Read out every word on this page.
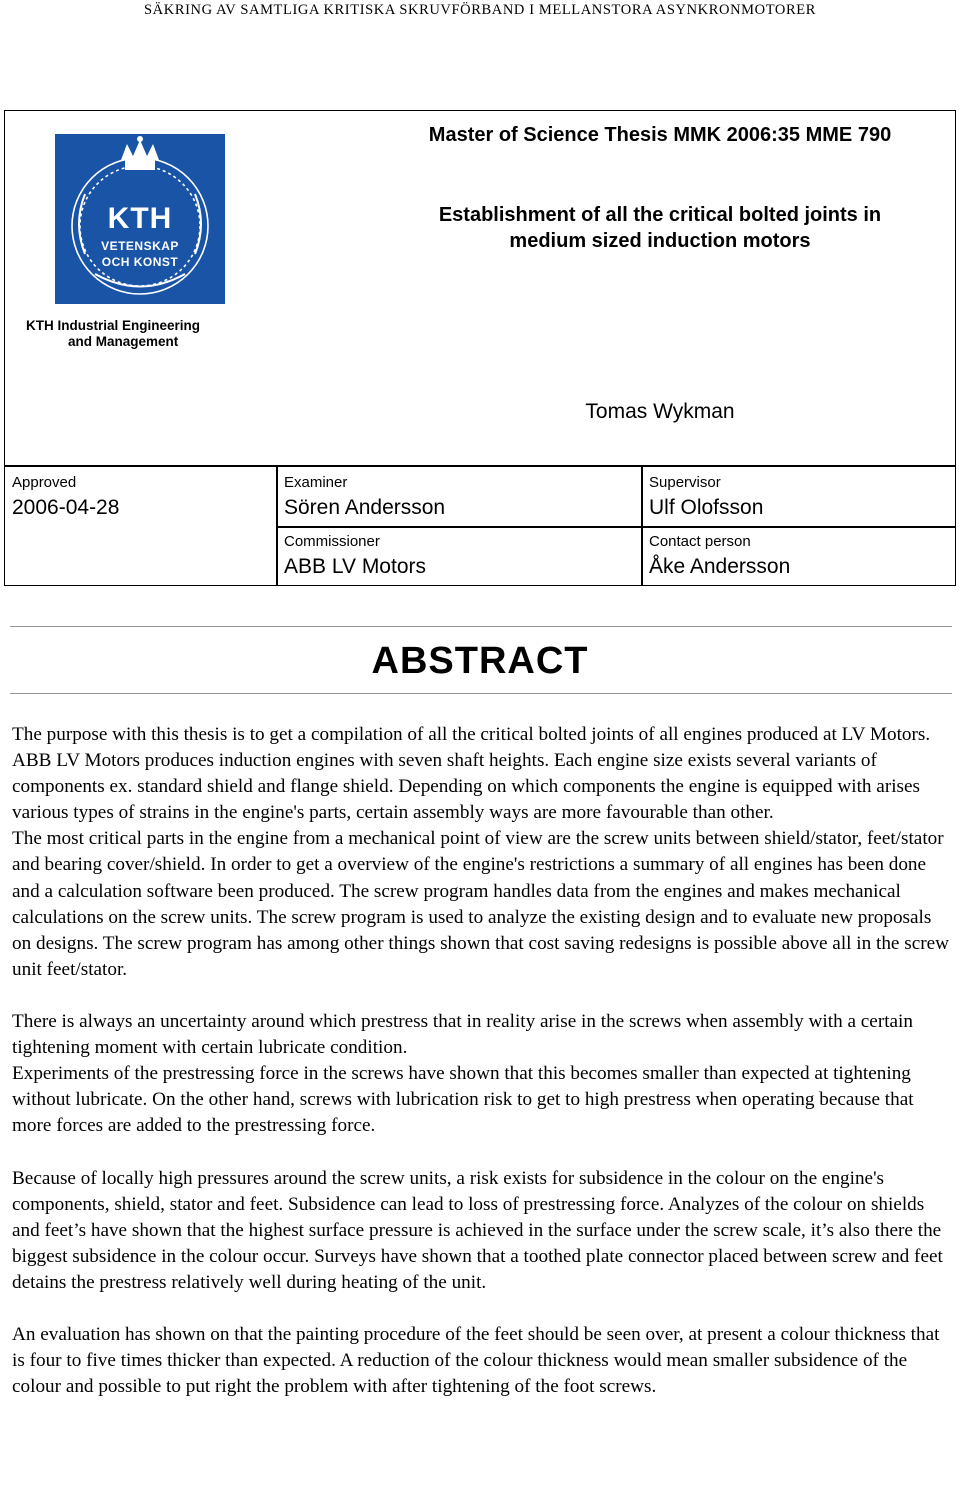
SÄKRING AV SAMTLIGA KRITISKA SKRUVFÖRBAND I MELLANSTORA ASYNKRONMOTORER
KTH
VETENSKAP
OCH KONST
KTH Industrial Engineering
and Management
Master of Science Thesis MMK 2006:35 MME 790
Establishment of all the critical bolted joints in
medium sized induction motors
Tomas Wykman
Approved
2006-04-28
Examiner
Sören Andersson
Supervisor
Ulf Olofsson
Commissioner
ABB LV Motors
Contact person
Åke Andersson
ABSTRACT

The purpose with this thesis is to get a compilation of all the critical bolted joints of all engines produced at LV Motors. ABB LV Motors produces induction engines with seven shaft heights. Each engine size exists several variants of components ex. standard shield and flange shield. Depending on which components the engine is equipped with arises various types of strains in the engine's parts, certain assembly ways are more favourable than other.

The most critical parts in the engine from a mechanical point of view are the screw units between shield/stator, feet/stator and bearing cover/shield. In order to get a overview of the engine's restrictions a summary of all engines has been done and a calculation software been produced. The screw program handles data from the engines and makes mechanical calculations on the screw units. The screw program is used to analyze the existing design and to evaluate new proposals on designs. The screw program has among other things shown that cost saving redesigns is possible above all in the screw unit feet/stator.

There is always an uncertainty around which prestress that in reality arise in the screws when assembly with a certain tightening moment with certain lubricate condition.

Experiments of the prestressing force in the screws have shown that this becomes smaller than expected at tightening without lubricate. On the other hand, screws with lubrication risk to get to high prestress when operating because that more forces are added to the prestressing force.

Because of locally high pressures around the screw units, a risk exists for subsidence in the colour on the engine's components, shield, stator and feet. Subsidence can lead to loss of prestressing force. Analyzes of the colour on shields and feet’s have shown that the highest surface pressure is achieved in the surface under the screw scale, it’s also there the biggest subsidence in the colour occur. Surveys have shown that a toothed plate connector placed between screw and feet detains the prestress relatively well during heating of the unit.

An evaluation has shown on that the painting procedure of the feet should be seen over, at present a colour thickness that is four to five times thicker than expected. A reduction of the colour thickness would mean smaller subsidence of the colour and possible to put right the problem with after tightening of the foot screws.
